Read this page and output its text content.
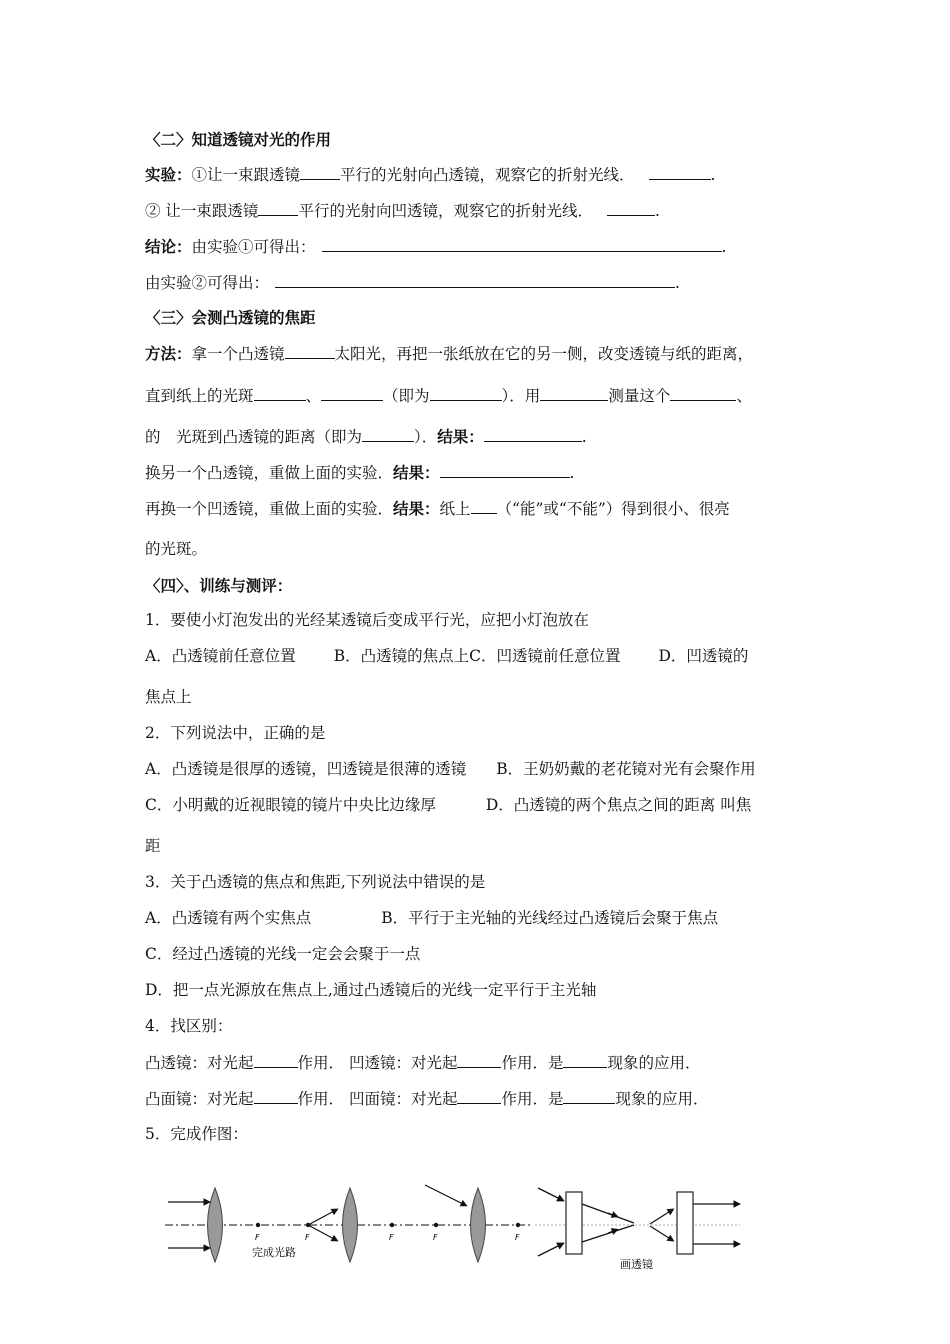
〈二〉知道透镜对光的作用
实验：①让一束跟透镜	平行的光射向凸透镜，观察它的折射光线．	.
② 让一束跟透镜	平行的光射向凹透镜，观察它的折射光线．	.
结论：由实验①可得出：	.
由实验②可得出：	.
〈三〉会测凸透镜的焦距
方法：拿一个凸透镜	太阳光，再把一张纸放在它的另一侧，改变透镜与纸的距离，
直到纸上的光斑	、	（即为	）．用	测量这个	、
的　光斑到凸透镜的距离（即为	）．结果：	.
换另一个凸透镜，重做上面的实验．结果：	.
再换一个凹透镜，重做上面的实验．结果：纸上 （“能”或“不能”）得到很小、很亮
的光斑。
〈四〉、训练与测评：
1．要使小灯泡发出的光经某透镜后变成平行光，应把小灯泡放在
A．凸透镜前任意位置 B．凸透镜的焦点上C．凹透镜前任意位置 D．凹透镜的
焦点上
2．下列说法中，正确的是
A．凸透镜是很厚的透镜，凹透镜是很薄的透镜 B．王奶奶戴的老花镜对光有会聚作用
C．小明戴的近视眼镜的镜片中央比边缘厚	D．凸透镜的两个焦点之间的距离 叫焦
距
3．关于凸透镜的焦点和焦距,下列说法中错误的是
A．凸透镜有两个实焦点	B．平行于主光轴的光线经过凸透镜后会聚于焦点
C．经过凸透镜的光线一定会会聚于一点
D．把一点光源放在焦点上,通过凸透镜后的光线一定平行于主光轴
4．找区别：
凸透镜：对光起	作用． 凹透镜：对光起	作用．是	现象的应用．
凸面镜：对光起	作用． 凹面镜：对光起	作用．是	现象的应用．
5．完成作图：
F
完成光路
F	F	F	F
画透镜
